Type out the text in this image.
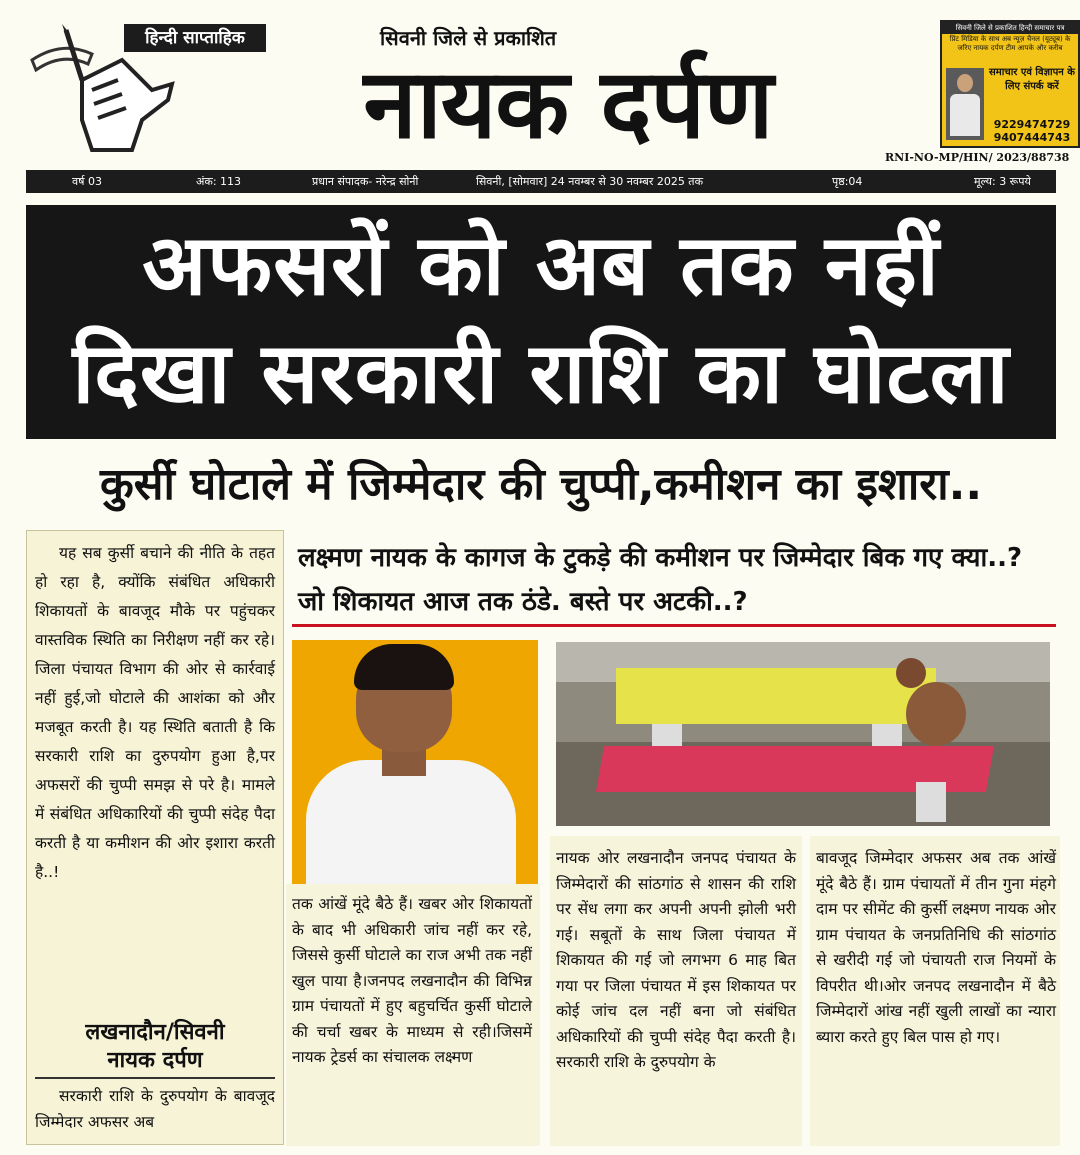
हिन्दी साप्ताहिक	सिवनी जिले से प्रकाशित
नायक दर्पण
सिवनी जिले से प्रकाशित हिन्दी समाचार पत्र
प्रिंट मिडिया के साथ अब न्यूज़ चैनल (यूट्यूब) के जरिए नायक दर्पण टीम आपके और करीब
समाचार एवं विज्ञापन के लिए संपर्क करें
9229474729
9407444743
RNI-NO-MP/HIN/ 2023/88738
वर्ष 03	अंक: 113	प्रधान संपादक- नरेन्द्र सोनी	सिवनी, [सोमवार] 24 नवम्बर से 30 नवम्बर 2025 तक	पृष्ठ:04	मूल्य: 3 रूपये
अफसरों को अब तक नहीं
दिखा सरकारी राशि का घोटला
कुर्सी घोटाले में जिम्मेदार की चुप्पी,कमीशन का इशारा..

यह सब कुर्सी बचाने की नीति के तहत हो रहा है, क्योंकि संबंधित अधिकारी शिकायतों के बावजूद मौके पर पहुंचकर वास्तविक स्थिति का निरीक्षण नहीं कर रहे। जिला पंचायत विभाग की ओर से कार्रवाई नहीं हुई,जो घोटाले की आशंका को और मजबूत करती है। यह स्थिति बताती है कि सरकारी राशि का दुरुपयोग हुआ है,पर अफसरों की चुप्पी समझ से परे है। मामले में संबंधित अधिकारियों की चुप्पी संदेह पैदा करती है या कमीशन की ओर इशारा करती है..!

लखनादौन/सिवनी
नायक दर्पण

सरकारी राशि के दुरुपयोग के बावजूद जिम्मेदार अफसर अब

लक्ष्मण नायक के कागज के टुकड़े की कमीशन पर जिम्मेदार बिक गए क्या..? जो शिकायत आज तक ठंडे. बस्ते पर अटकी..?

तक आंखें मूंदे बैठे हैं। खबर ओर शिकायतों के बाद भी अधिकारी जांच नहीं कर रहे, जिससे कुर्सी घोटाले का राज अभी तक नहीं खुल पाया है।जनपद लखनादौन की विभिन्न ग्राम पंचायतों में हुए बहुचर्चित कुर्सी घोटाले की चर्चा खबर के माध्यम से रही।जिसमें नायक ट्रेडर्स का संचालक लक्ष्मण

नायक ओर लखनादौन जनपद पंचायत के जिम्मेदारों की सांठगांठ से शासन की राशि पर सेंध लगा कर अपनी अपनी झोली भरी गई। सबूतों के साथ जिला पंचायत में शिकायत की गई जो लगभग 6 माह बित गया पर जिला पंचायत में इस शिकायत पर कोई जांच दल नहीं बना जो संबंधित अधिकारियों की चुप्पी संदेह पैदा करती है। सरकारी राशि के दुरुपयोग के

बावजूद जिम्मेदार अफसर अब तक आंखें मूंदे बैठे हैं। ग्राम पंचायतों में तीन गुना मंहगे दाम पर सीमेंट की कुर्सी लक्ष्मण नायक ओर ग्राम पंचायत के जनप्रतिनिधि की सांठगांठ से खरीदी गई जो पंचायती राज नियमों के विपरीत थी।ओर जनपद लखनादौन में बैठे जिम्मेदारों आंख नहीं खुली लाखों का न्यारा ब्यारा करते हुए बिल पास हो गए।
